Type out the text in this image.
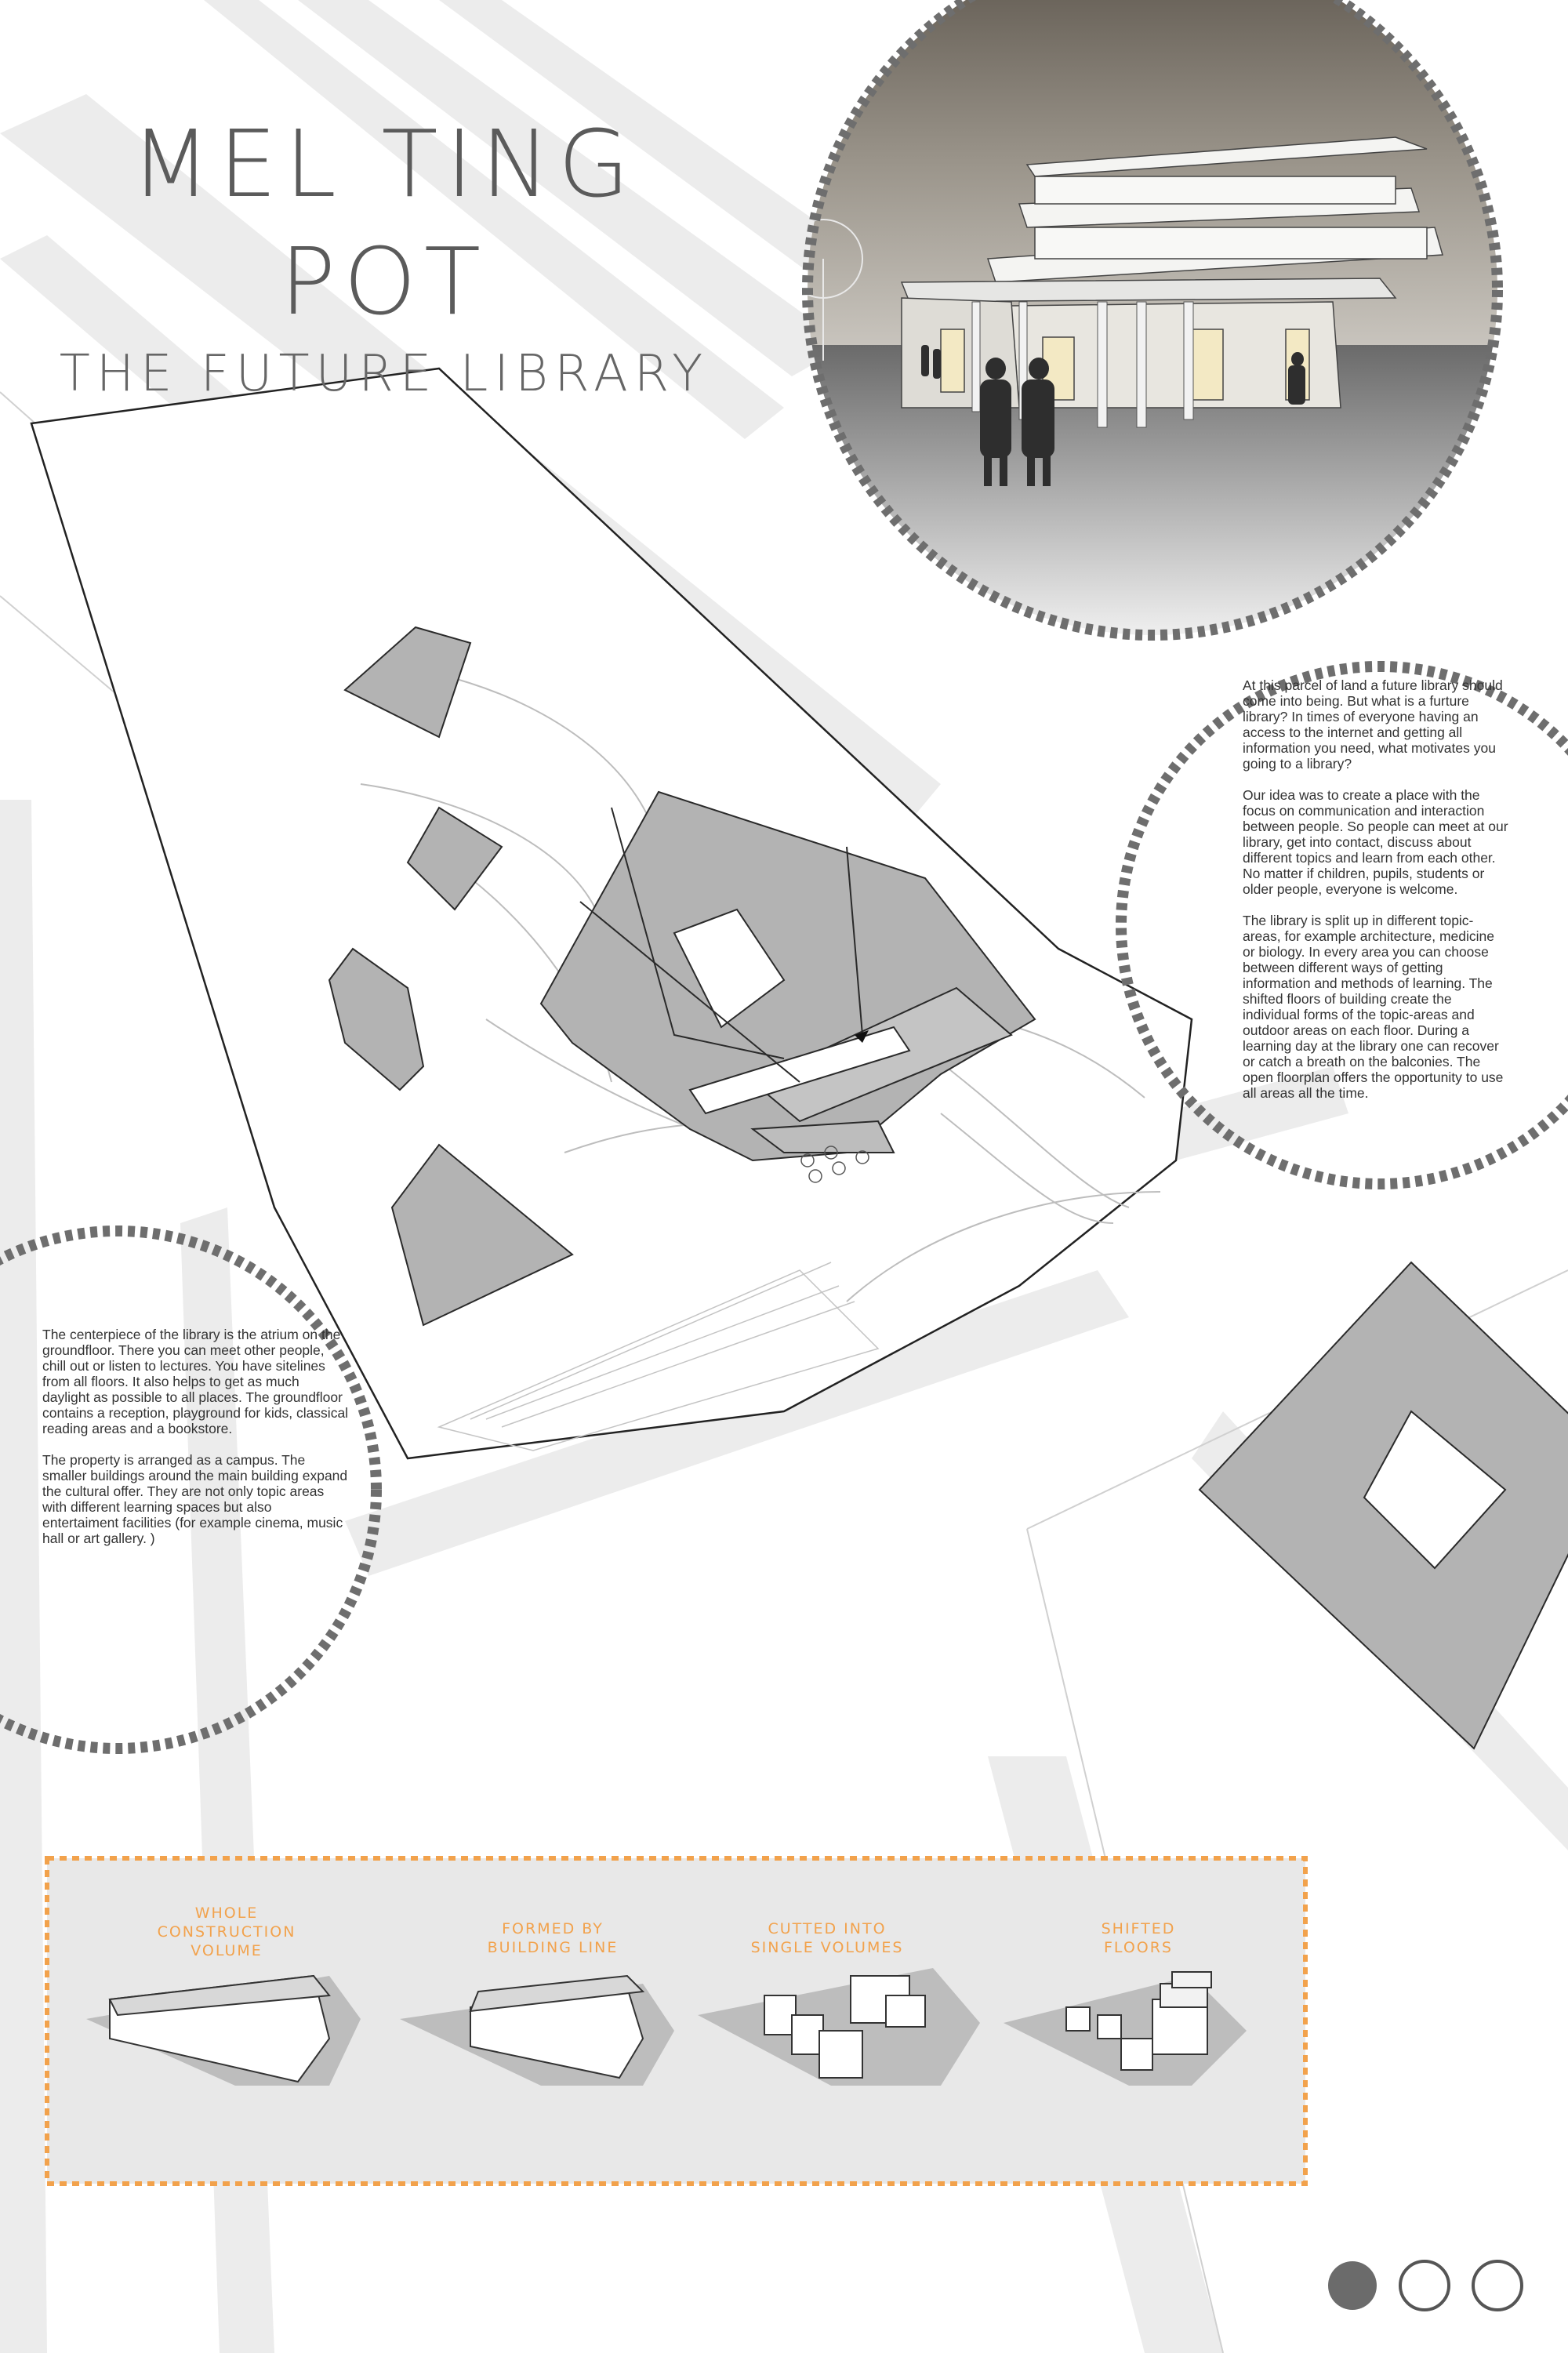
MEL TING
POT
THE FUTURE LIBRARY

At this parcel of land a future library should come into being. But what is a furture library? In times of everyone having an access to the internet and getting all information you need, what motivates you going to a library?

Our idea was to create a place with the focus on communication and interaction between people. So people can meet at our library, get into contact, discuss about different topics and learn from each other. No matter if children, pupils, students or older people, everyone is welcome.

The library is split up in different topic-areas, for example architecture, medicine or biology. In every area you can choose between different ways of getting information and methods of learning. The shifted floors of building create the individual forms of the topic-areas and outdoor areas on each floor. During a learning day at the library one can recover or catch a breath on the balconies. The open floorplan offers the opportunity to use all areas all the time.

The centerpiece of the library is the atrium on the groundfloor. There you can meet other people, chill out or listen to lectures. You have sitelines from all floors. It also helps to get as much daylight as possible to all places. The groundfloor contains a reception, playground for kids, classical reading areas and a bookstore.

The property is arranged as a campus. The smaller buildings around the main building expand the cultural offer. They are not only topic areas with different learning spaces but also entertaiment facilities (for example cinema, music hall or art gallery. )

WHOLE
CONSTRUCTION
VOLUME
FORMED BY
BUILDING LINE
CUTTED INTO
SINGLE VOLUMES
SHIFTED
FLOORS
